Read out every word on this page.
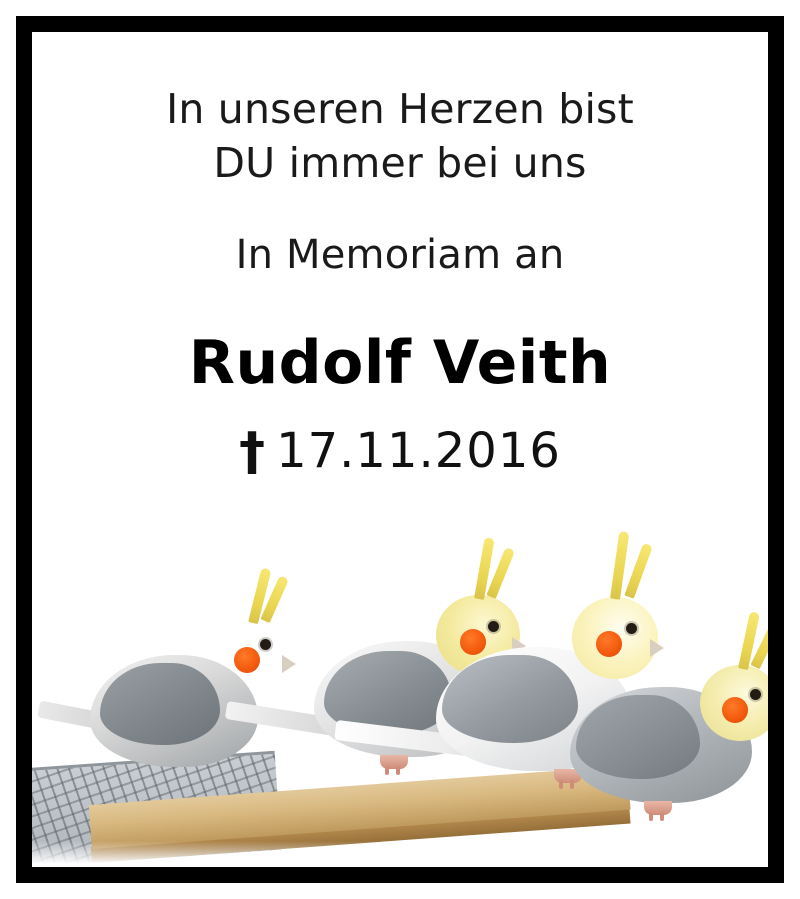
In unseren Herzen bist
DU immer bei uns
In Memoriam an
Rudolf Veith
† 17.11.2016
